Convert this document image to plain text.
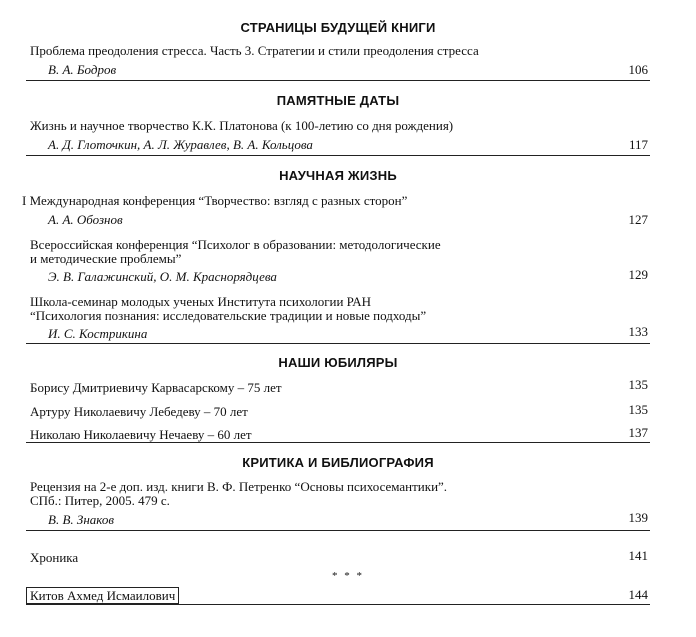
СТРАНИЦЫ БУДУЩЕЙ КНИГИ
Проблема преодоления стресса. Часть 3. Стратегии и стили преодоления стресса
В. А. Бодров	106
ПАМЯТНЫЕ ДАТЫ
Жизнь и научное творчество К.К. Платонова (к 100-летию со дня рождения)
А. Д. Глоточкин, А. Л. Журавлев, В. А. Кольцова	117
НАУЧНАЯ ЖИЗНЬ
I Международная конференция “Творчество: взгляд с разных сторон”
А. А. Обознов	127
Всероссийская конференция “Психолог в образовании: методологические
и методические проблемы”
Э. В. Галажинский, О. М. Краснорядцева	129
Школа-семинар молодых ученых Института психологии РАН
“Психология познания: исследовательские традиции и новые подходы”
И. С. Кострикина	133
НАШИ ЮБИЛЯРЫ
Борису Дмитриевичу Карвасарскому – 75 лет	135
Артуру Николаевичу Лебедеву – 70 лет	135
Николаю Николаевичу Нечаеву – 60 лет	137
КРИТИКА И БИБЛИОГРАФИЯ
Рецензия на 2-е доп. изд. книги В. Ф. Петренко “Основы психосемантики”.
СПб.: Питер, 2005. 479 с.
В. В. Знаков	139
Хроника	141
* * *
Китов Ахмед Исмаилович	144
